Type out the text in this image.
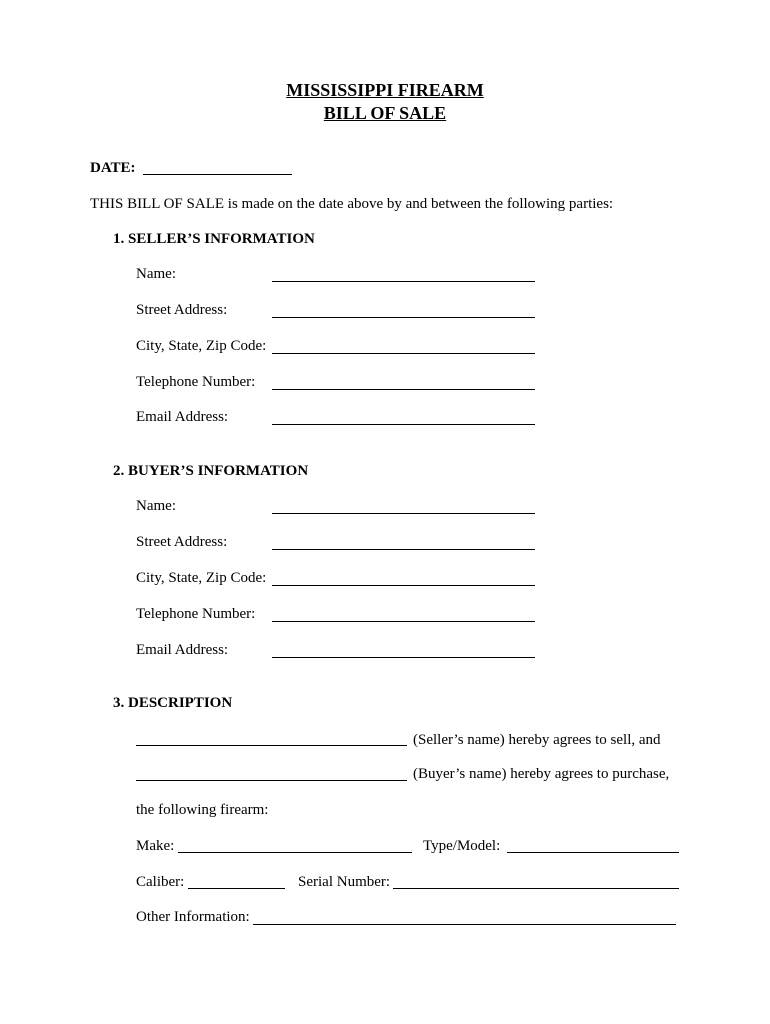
MISSISSIPPI FIREARM
BILL OF SALE
DATE:
THIS BILL OF SALE is made on the date above by and between the following parties:
1. SELLER’S INFORMATION
Name:
Street Address:
City, State, Zip Code:
Telephone Number:
Email Address:
2. BUYER’S INFORMATION
Name:
Street Address:
City, State, Zip Code:
Telephone Number:
Email Address:
3. DESCRIPTION
(Seller’s name) hereby agrees to sell, and
(Buyer’s name) hereby agrees to purchase,
the following firearm:
Make:	Type/Model:
Caliber:	Serial Number:
Other Information:
